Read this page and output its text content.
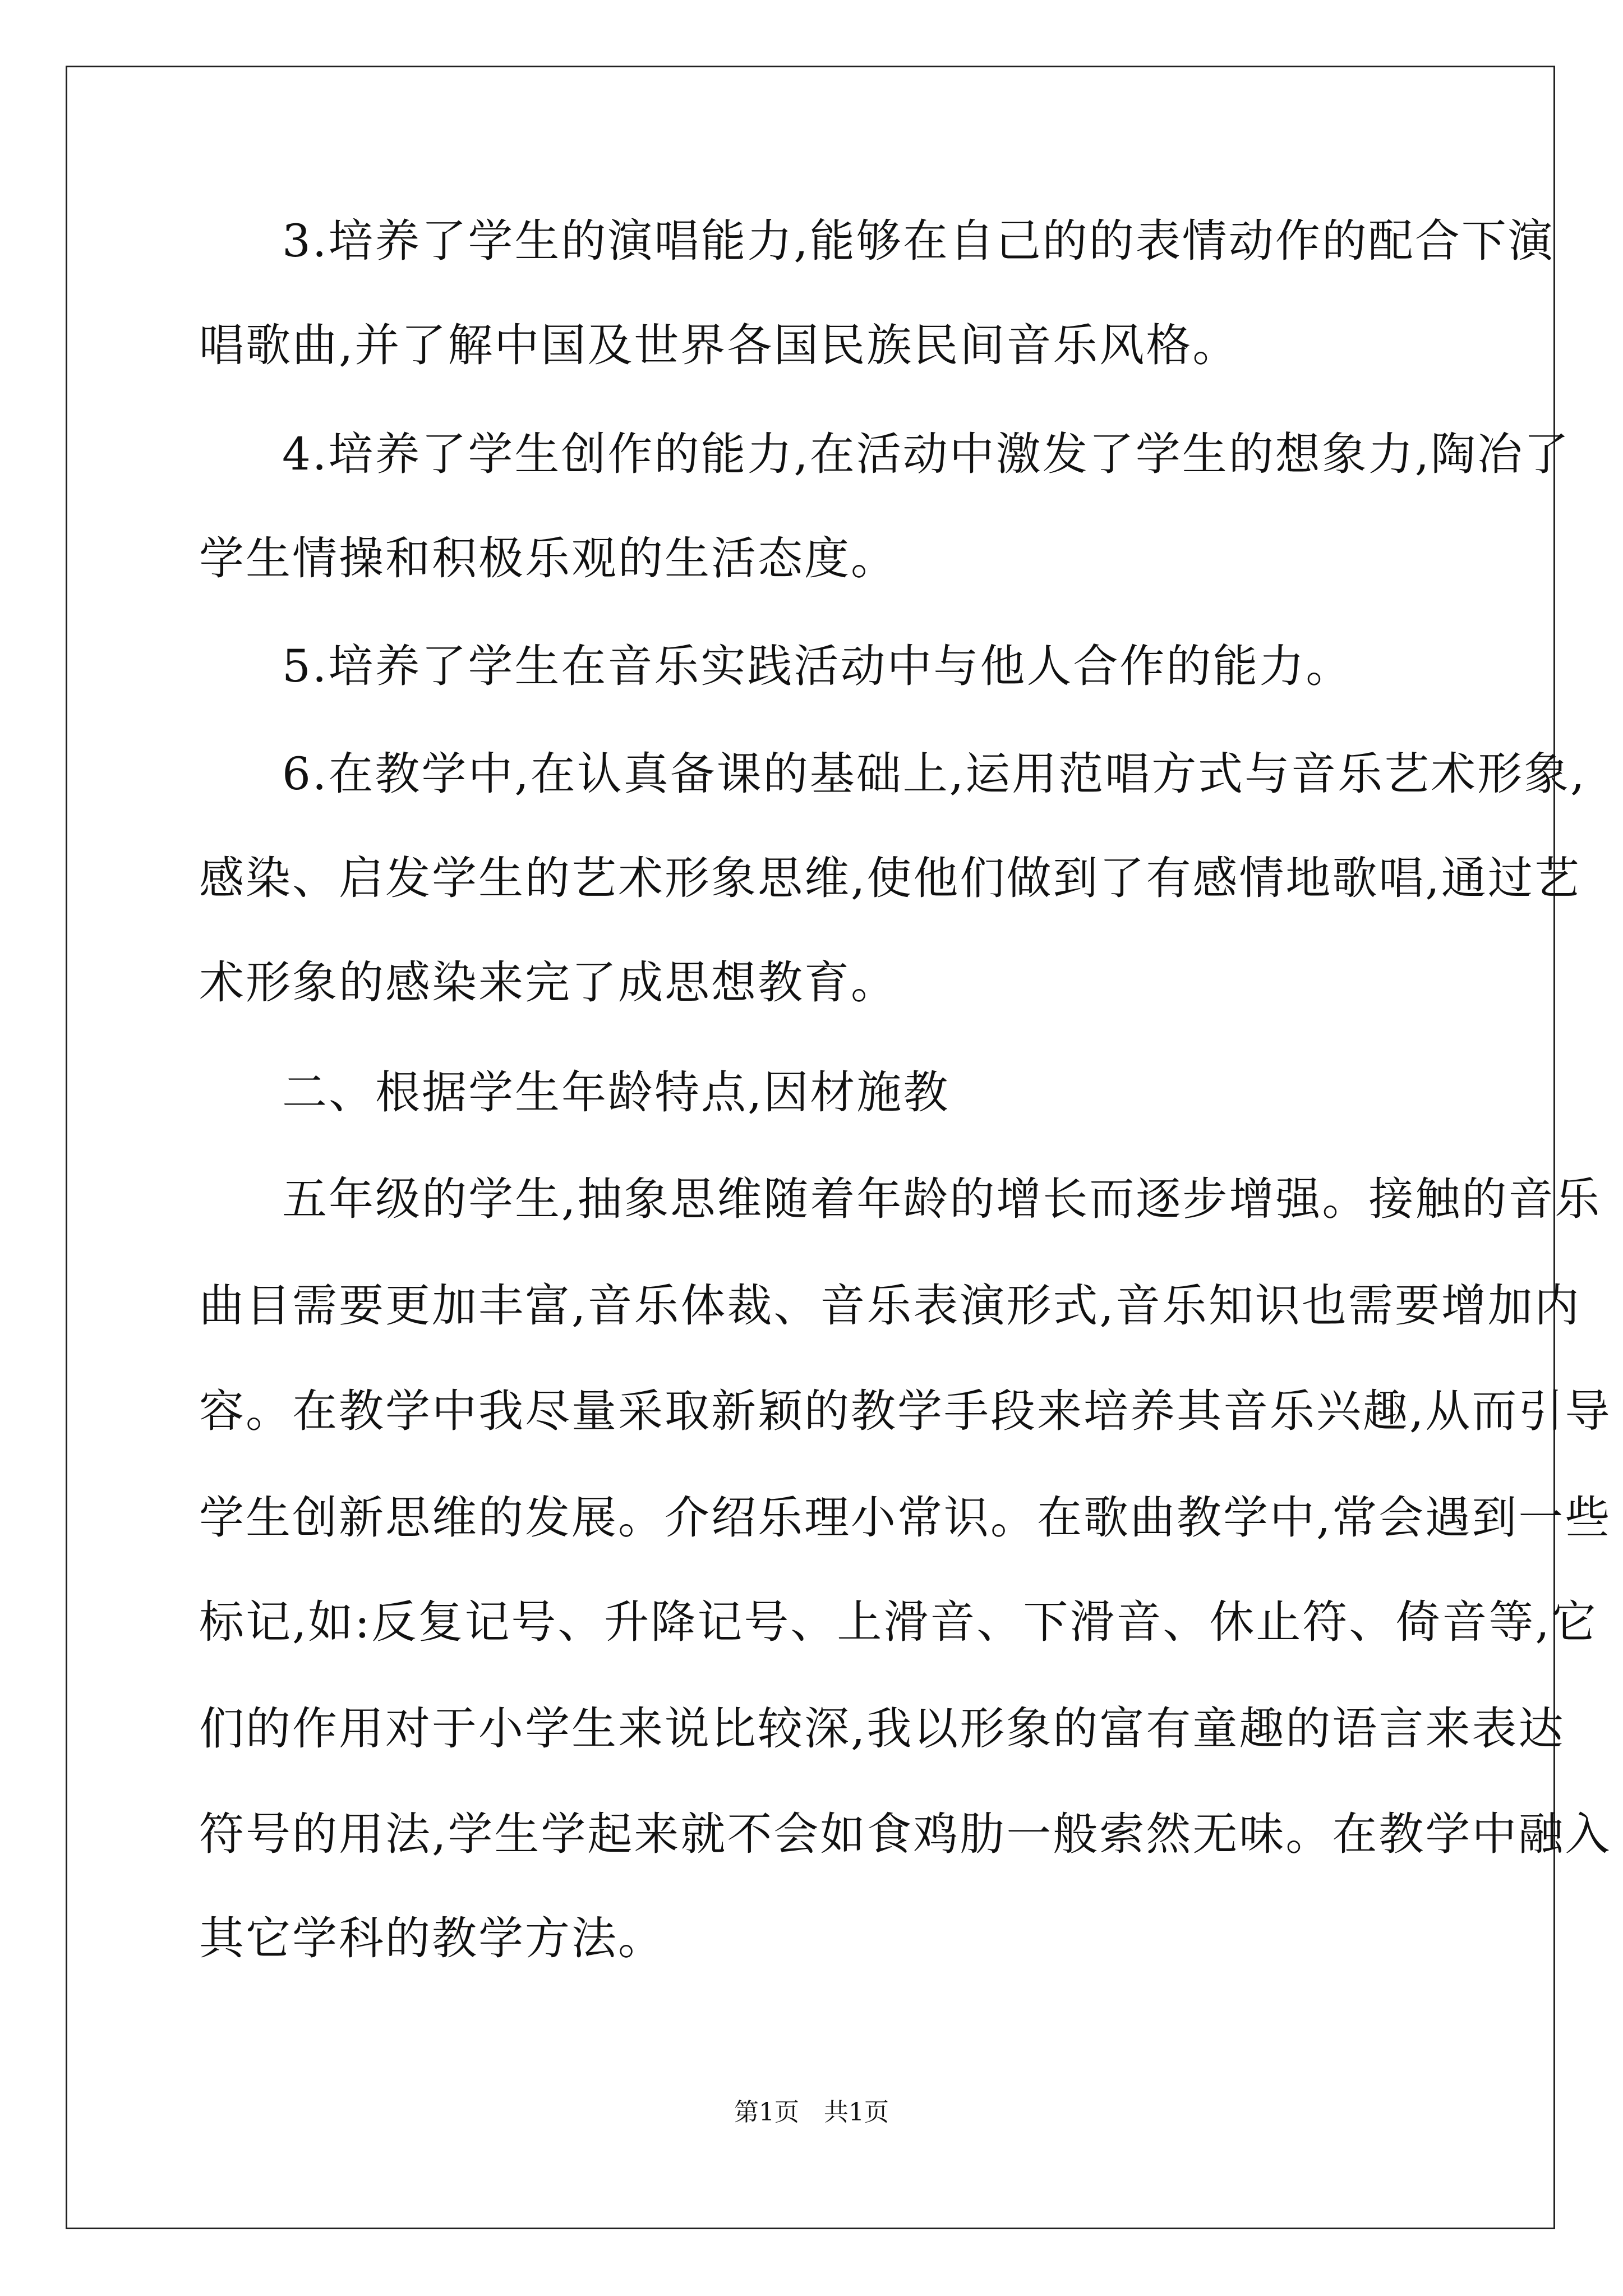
3.培养了学生的演唱能力,能够在自己的的表情动作的配合下演

唱歌曲,并了解中国及世界各国民族民间音乐风格。

4.培养了学生创作的能力,在活动中激发了学生的想象力,陶冶了

学生情操和积极乐观的生活态度。

5.培养了学生在音乐实践活动中与他人合作的能力。

6.在教学中,在认真备课的基础上,运用范唱方式与音乐艺术形象,

感染、启发学生的艺术形象思维,使他们做到了有感情地歌唱,通过艺

术形象的感染来完了成思想教育。

二、根据学生年龄特点,因材施教

五年级的学生,抽象思维随着年龄的增长而逐步增强。接触的音乐

曲目需要更加丰富,音乐体裁、音乐表演形式,音乐知识也需要增加内

容。在教学中我尽量采取新颖的教学手段来培养其音乐兴趣,从而引导

学生创新思维的发展。介绍乐理小常识。在歌曲教学中,常会遇到一些

标记,如:反复记号、升降记号、上滑音、下滑音、休止符、倚音等,它

们的作用对于小学生来说比较深,我以形象的富有童趣的语言来表达

符号的用法,学生学起来就不会如食鸡肋一般索然无味。在教学中融入

其它学科的教学方法。

第1页　共1页
